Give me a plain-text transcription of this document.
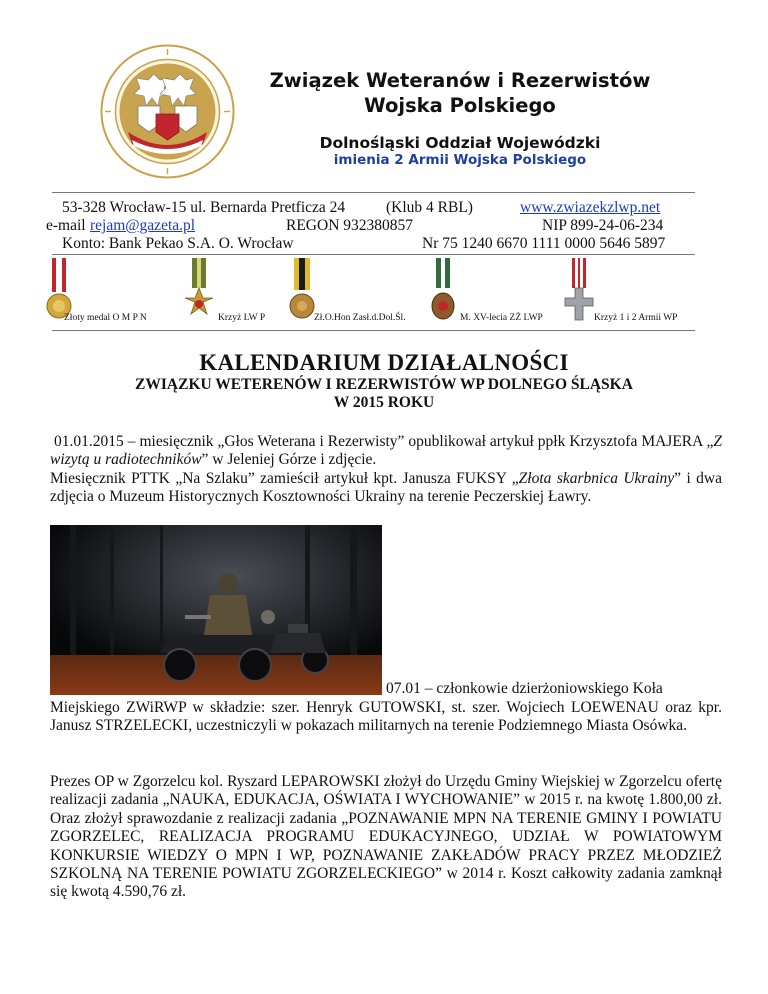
Związek Weteranów i Rezerwistów
Wojska Polskiego
Dolnośląski Oddział Wojewódzki
imienia 2 Armii Wojska Polskiego
53-328 Wrocław-15 ul. Bernarda Pretficza 24	(Klub 4 RBL)	www.zwiazekzlwp.net
e-mail rejam@gazeta.pl	REGON 932380857	NIP 899-24-06-234
Konto: Bank Pekao S.A. O. Wrocław	Nr 75 1240 6670 1111 0000 5646 5897
Złoty medal O M P N	Krzyż LW P	Zł.O.Hon Zasł.d.Dol.Śl.	M. XV-lecia ZŻ LWP	Krzyż 1 i 2 Armii WP
KALENDARIUM DZIAŁALNOŚCI
ZWIĄZKU WETERENÓW I REZERWISTÓW WP DOLNEGO ŚLĄSKA
W 2015 ROKU
01.01.2015 – miesięcznik „Głos Weterana i Rezerwisty” opublikował artykuł ppłk Krzysztofa MAJERA „Z wizytą u radiotechników” w Jeleniej Górze i zdjęcie.
Miesięcznik PTTK „Na Szlaku” zamieścił artykuł kpt. Janusza FUKSY „Złota skarbnica Ukrainy” i dwa zdjęcia o Muzeum Historycznych Kosztowności Ukrainy na terenie Peczerskiej Ławry.
07.01 – członkowie dzierżoniowskiego Koła
Miejskiego ZWiRWP w składzie: szer. Henryk GUTOWSKI, st. szer. Wojciech LOEWENAU oraz kpr. Janusz STRZELECKI, uczestniczyli w pokazach militarnych na terenie Podziemnego Miasta Osówka.
Prezes OP w Zgorzelcu kol. Ryszard LEPAROWSKI złożył do Urzędu Gminy Wiejskiej w Zgorzelcu ofertę realizacji zadania „NAUKA, EDUKACJA, OŚWIATA I WYCHOWANIE” w 2015 r. na kwotę 1.800,00 zł. Oraz złożył sprawozdanie z realizacji zadania „POZNAWANIE MPN NA TERENIE GMINY I POWIATU ZGORZELEC, REALIZACJA PROGRAMU EDUKACYJNEGO, UDZIAŁ W POWIATOWYM KONKURSIE WIEDZY O MPN I WP, POZNAWANIE ZAKŁADÓW PRACY PRZEZ MŁODZIEŻ SZKOLNĄ NA TERENIE POWIATU ZGORZELECKIEGO” w 2014 r. Koszt całkowity zadania zamknął się kwotą 4.590,76 zł.
